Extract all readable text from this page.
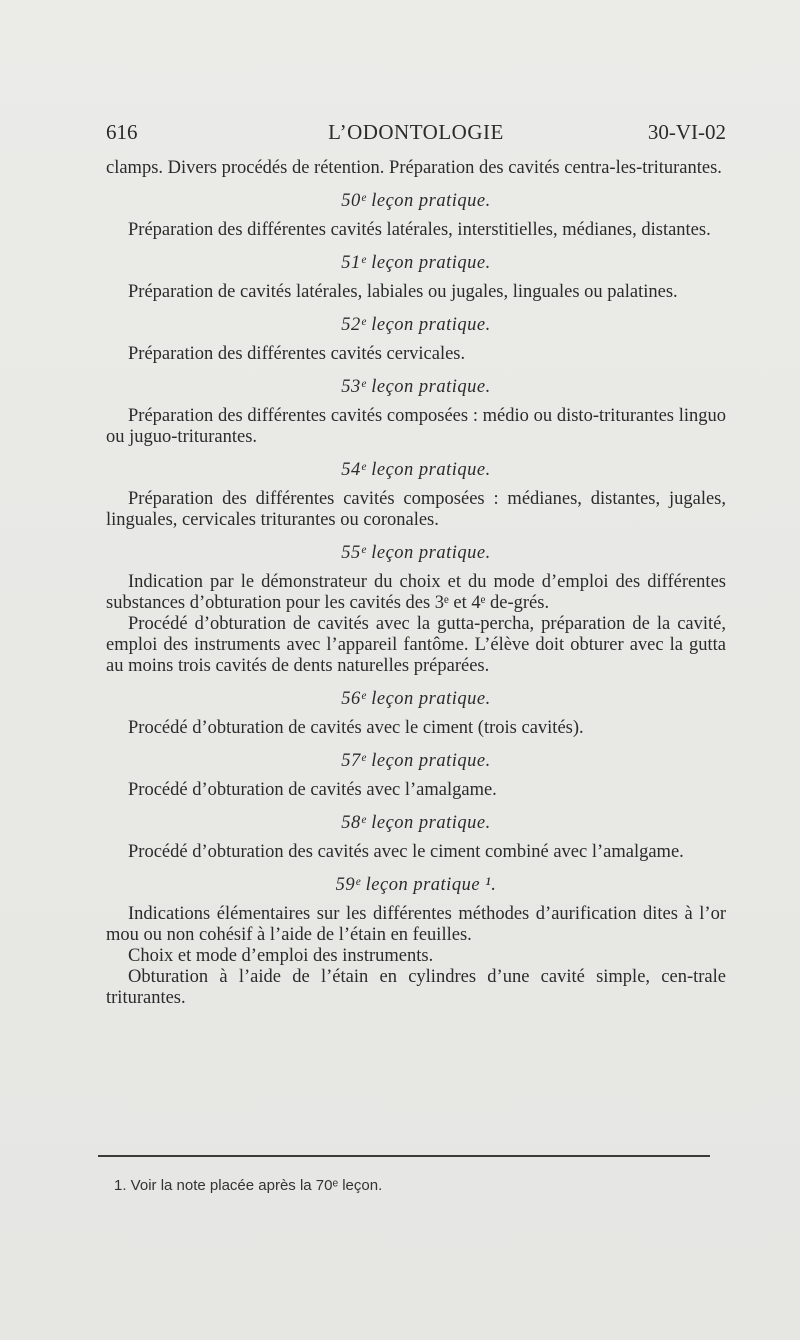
616	L’ODONTOLOGIE	30-VI-02

clamps. Divers procédés de rétention. Préparation des cavités centra-les-triturantes.

50ᵉ leçon pratique.

Préparation des différentes cavités latérales, interstitielles, médianes, distantes.

51ᵉ leçon pratique.

Préparation de cavités latérales, labiales ou jugales, linguales ou palatines.

52ᵉ leçon pratique.

Préparation des différentes cavités cervicales.

53ᵉ leçon pratique.

Préparation des différentes cavités composées : médio ou disto-triturantes linguo ou juguo-triturantes.

54ᵉ leçon pratique.

Préparation des différentes cavités composées : médianes, distantes, jugales, linguales, cervicales triturantes ou coronales.

55ᵉ leçon pratique.

Indication par le démonstrateur du choix et du mode d’emploi des différentes substances d’obturation pour les cavités des 3ᵉ et 4ᵉ de-grés.

Procédé d’obturation de cavités avec la gutta-percha, préparation de la cavité, emploi des instruments avec l’appareil fantôme. L’élève doit obturer avec la gutta au moins trois cavités de dents naturelles préparées.

56ᵉ leçon pratique.

Procédé d’obturation de cavités avec le ciment (trois cavités).

57ᵉ leçon pratique.

Procédé d’obturation de cavités avec l’amalgame.

58ᵉ leçon pratique.

Procédé d’obturation des cavités avec le ciment combiné avec l’amalgame.

59ᵉ leçon pratique ¹.

Indications élémentaires sur les différentes méthodes d’aurification dites à l’or mou ou non cohésif à l’aide de l’étain en feuilles.

Choix et mode d’emploi des instruments.

Obturation à l’aide de l’étain en cylindres d’une cavité simple, cen-trale triturantes.

1. Voir la note placée après la 70ᵉ leçon.
